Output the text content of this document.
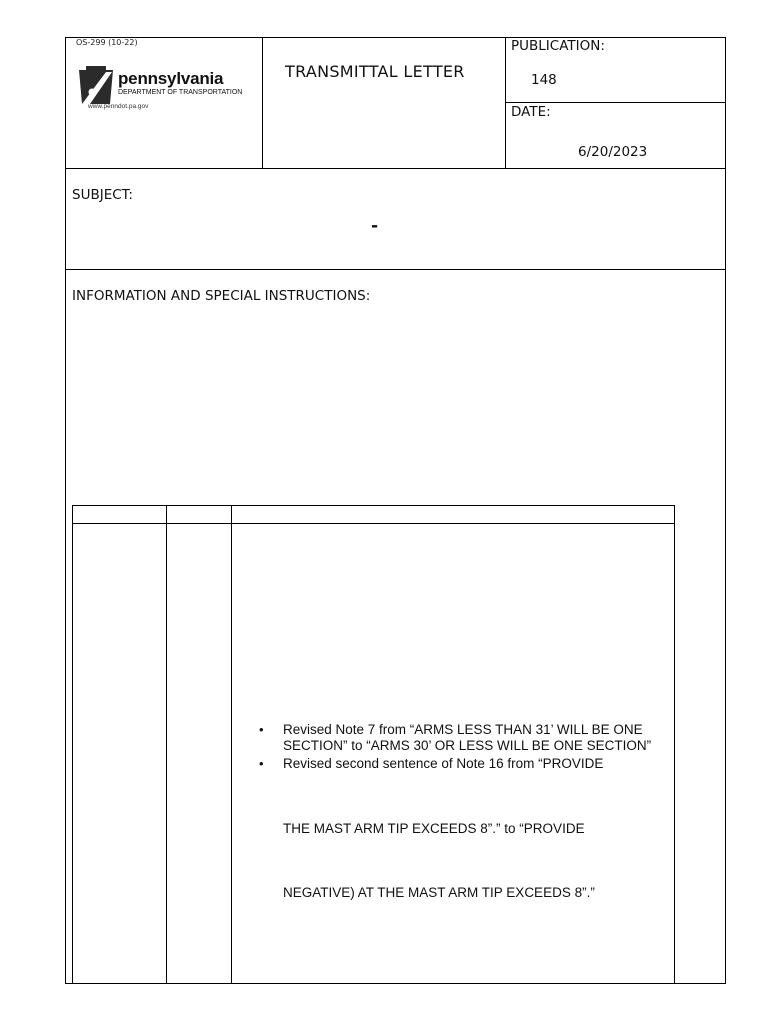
OS-299 (10-22)
pennsylvania
DEPARTMENT OF TRANSPORTATION
www.penndot.pa.gov
TRANSMITTAL LETTER
PUBLICATION:
148
DATE:
6/20/2023
SUBJECT:
-
INFORMATION AND SPECIAL INSTRUCTIONS:
• Revised Note 7 from “ARMS LESS THAN 31’ WILL BE ONE
SECTION” to “ARMS 30’ OR LESS WILL BE ONE SECTION”
• Revised second sentence of Note 16 from “PROVIDE
THE MAST ARM TIP EXCEEDS 8”.” to “PROVIDE
NEGATIVE) AT THE MAST ARM TIP EXCEEDS 8”.”
